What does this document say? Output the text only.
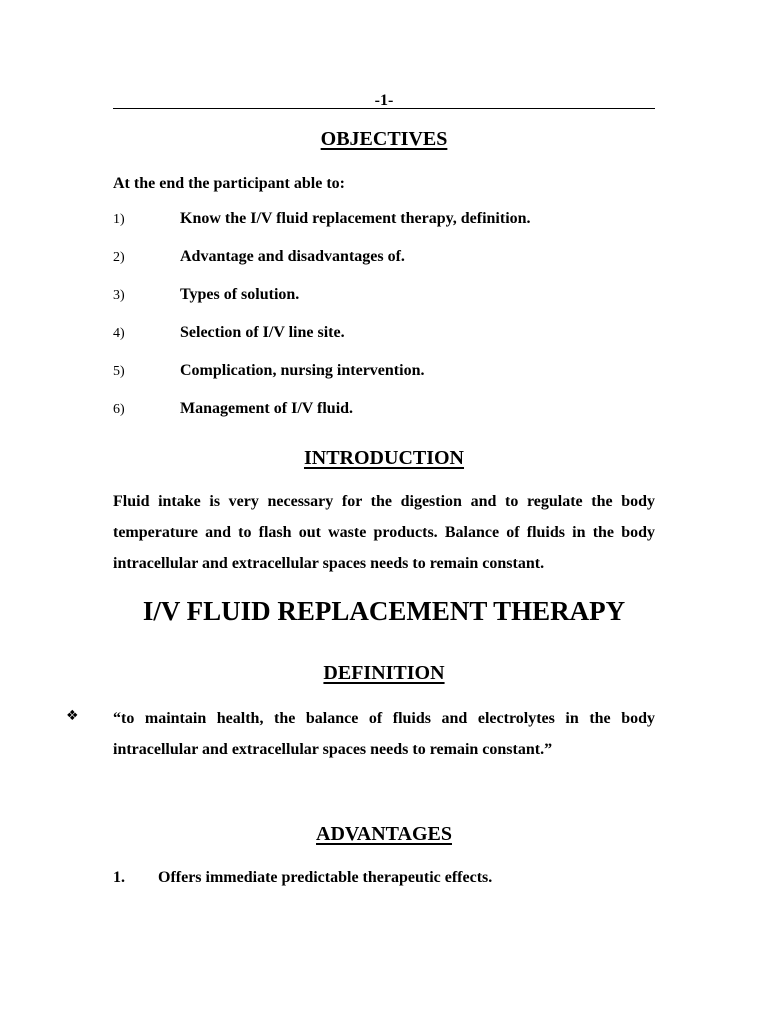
-1-
OBJECTIVES
At the end the participant able to:
1)	Know the I/V fluid replacement therapy, definition.
2)	Advantage and disadvantages of.
3)	Types of solution.
4)	Selection of I/V line site.
5)	Complication, nursing intervention.
6)	Management of I/V fluid.
INTRODUCTION

Fluid intake is very necessary for the digestion and to regulate the body temperature and to flash out waste products. Balance of fluids in the body intracellular and extracellular spaces needs to remain constant.

I/V FLUID REPLACEMENT THERAPY
DEFINITION
❖ “to maintain health, the balance of fluids and electrolytes in the body intracellular and extracellular spaces needs to remain constant.”

ADVANTAGES
1. Offers immediate predictable therapeutic effects.
